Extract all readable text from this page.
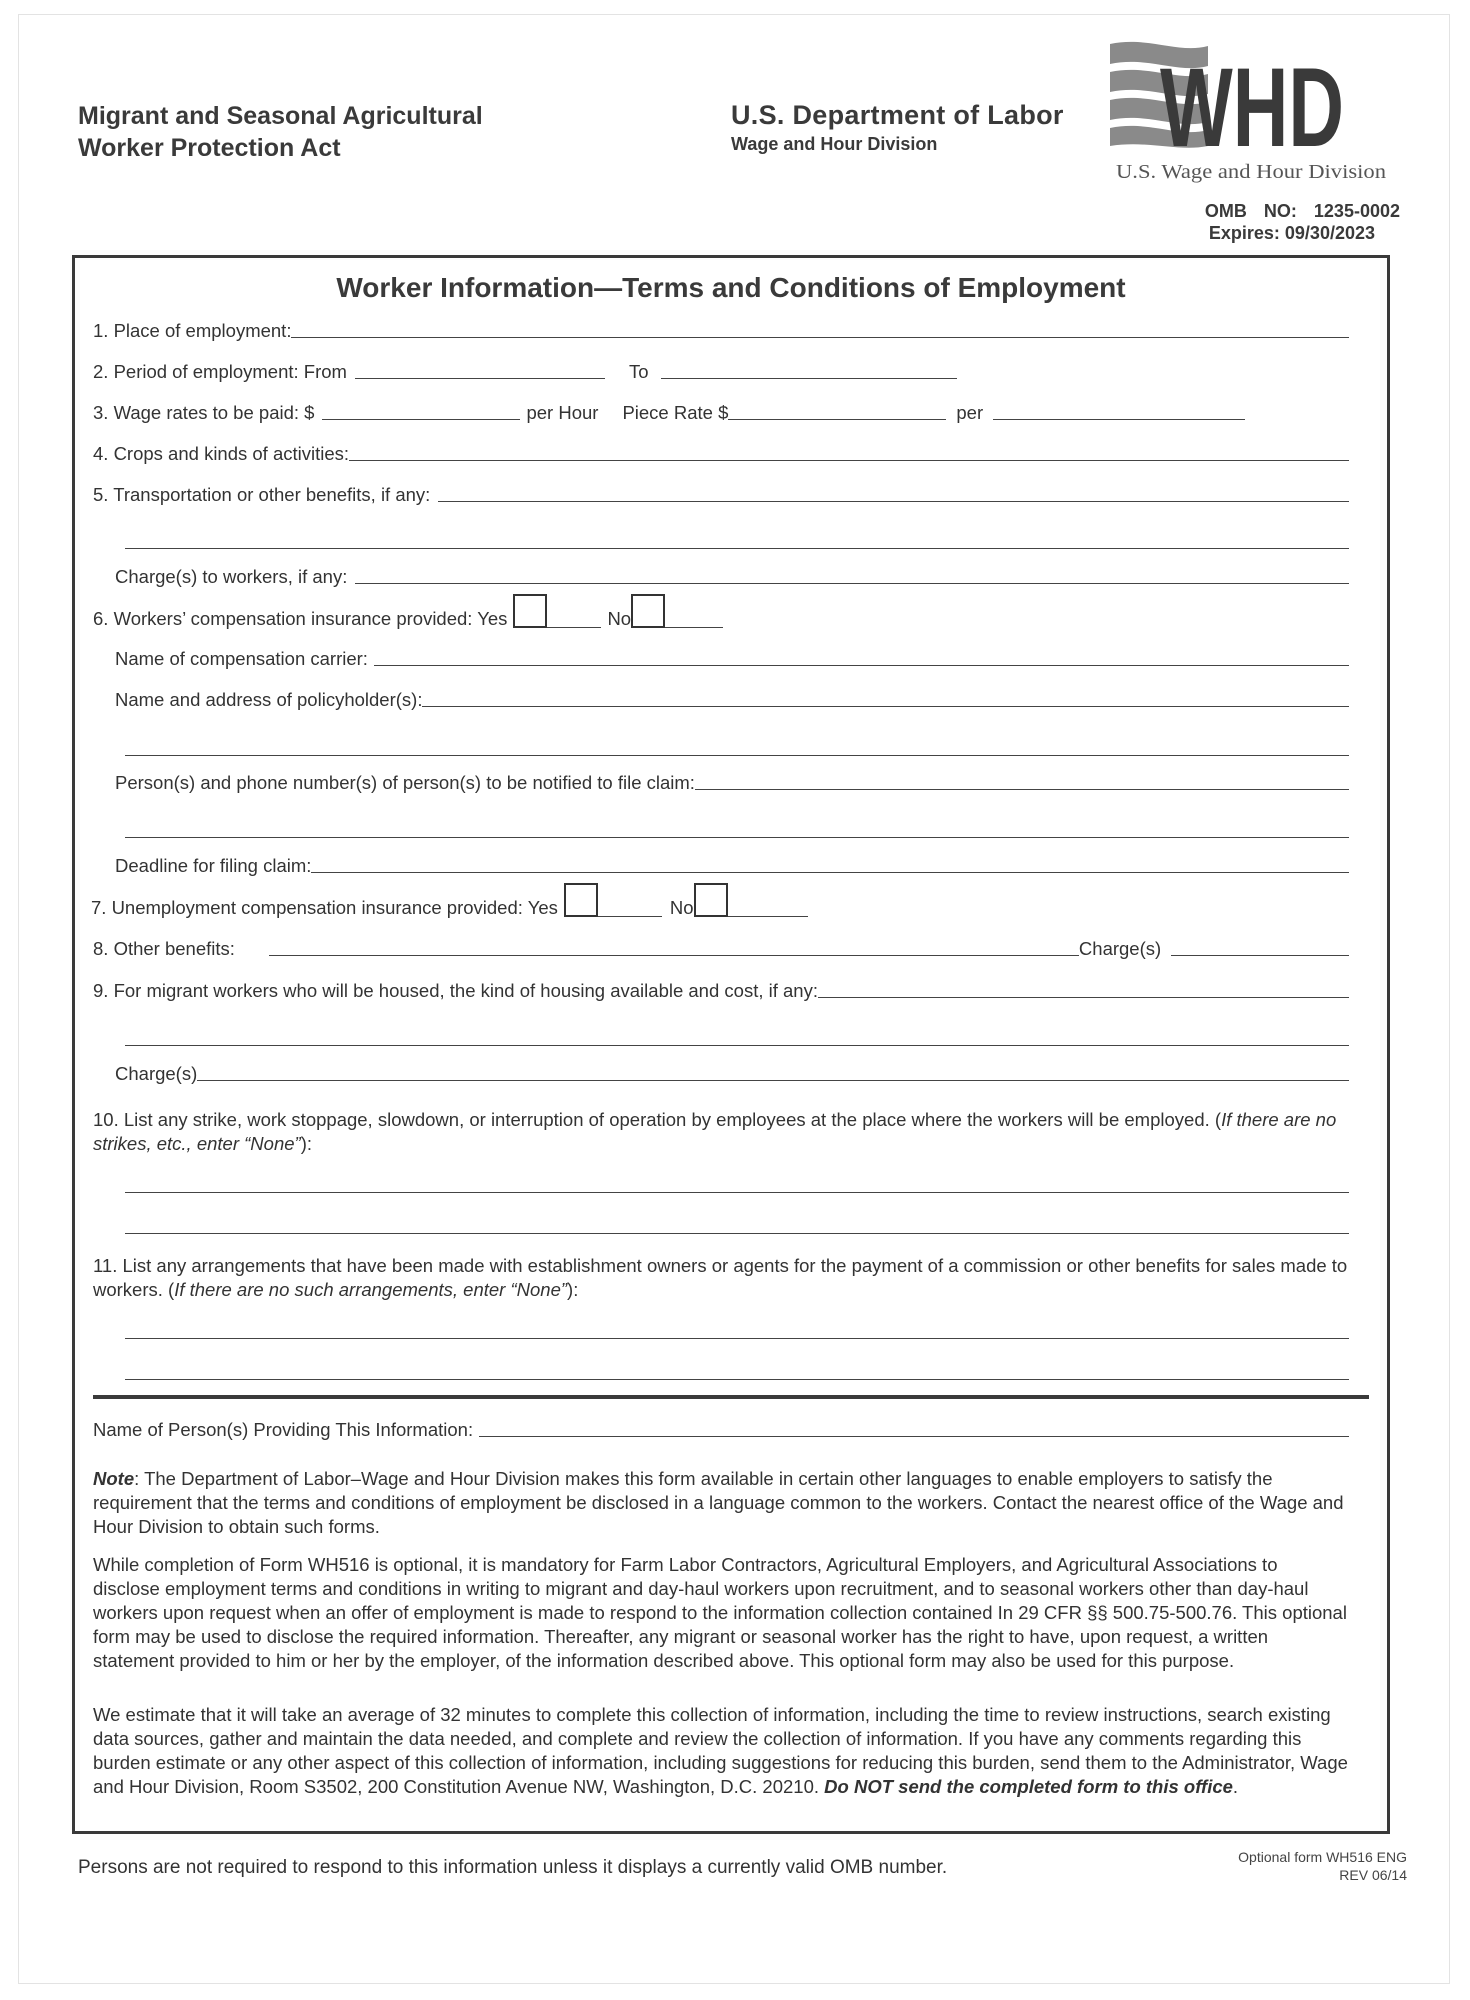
Migrant and Seasonal Agricultural
Worker Protection Act
U.S. Department of Labor
Wage and Hour Division	WHD
U.S. Wage and Hour Division
OMB NO: 1235-0002
Expires: 09/30/2023
Worker Information—Terms and Conditions of Employment
1. Place of employment:
2. Period of employment: From	To
3. Wage rates to be paid: $	per Hour Piece Rate $	per
4. Crops and kinds of activities:
5. Transportation or other benefits, if any:
Charge(s) to workers, if any:
6. Workers’ compensation insurance provided: Yes	No
Name of compensation carrier:
Name and address of policyholder(s):
Person(s) and phone number(s) of person(s) to be notified to file claim:
Deadline for filing claim:
7. Unemployment compensation insurance provided: Yes	No
8. Other benefits:	Charge(s)
9. For migrant workers who will be housed, the kind of housing available and cost, if any:
Charge(s)
10. List any strike, work stoppage, slowdown, or interruption of operation by employees at the place where the workers will be employed. (If there are no strikes, etc., enter “None”):
11. List any arrangements that have been made with establishment owners or agents for the payment of a commission or other benefits for sales made to workers. (If there are no such arrangements, enter “None”):
Name of Person(s) Providing This Information:
Note: The Department of Labor–Wage and Hour Division makes this form available in certain other languages to enable employers to satisfy the requirement that the terms and conditions of employment be disclosed in a language common to the workers. Contact the nearest office of the Wage and Hour Division to obtain such forms.
While completion of Form WH516 is optional, it is mandatory for Farm Labor Contractors, Agricultural Employers, and Agricultural Associations to disclose employment terms and conditions in writing to migrant and day-haul workers upon recruitment, and to seasonal workers other than day-haul workers upon request when an offer of employment is made to respond to the information collection contained In 29 CFR §§ 500.75-500.76. This optional form may be used to disclose the required information. Thereafter, any migrant or seasonal worker has the right to have, upon request, a written statement provided to him or her by the employer, of the information described above. This optional form may also be used for this purpose.
We estimate that it will take an average of 32 minutes to complete this collection of information, including the time to review instructions, search existing data sources, gather and maintain the data needed, and complete and review the collection of information. If you have any comments regarding this burden estimate or any other aspect of this collection of information, including suggestions for reducing this burden, send them to the Administrator, Wage and Hour Division, Room S3502, 200 Constitution Avenue NW, Washington, D.C. 20210. Do NOT send the completed form to this office.
Persons are not required to respond to this information unless it displays a currently valid OMB number.	Optional form WH516 ENG
REV 06/14
